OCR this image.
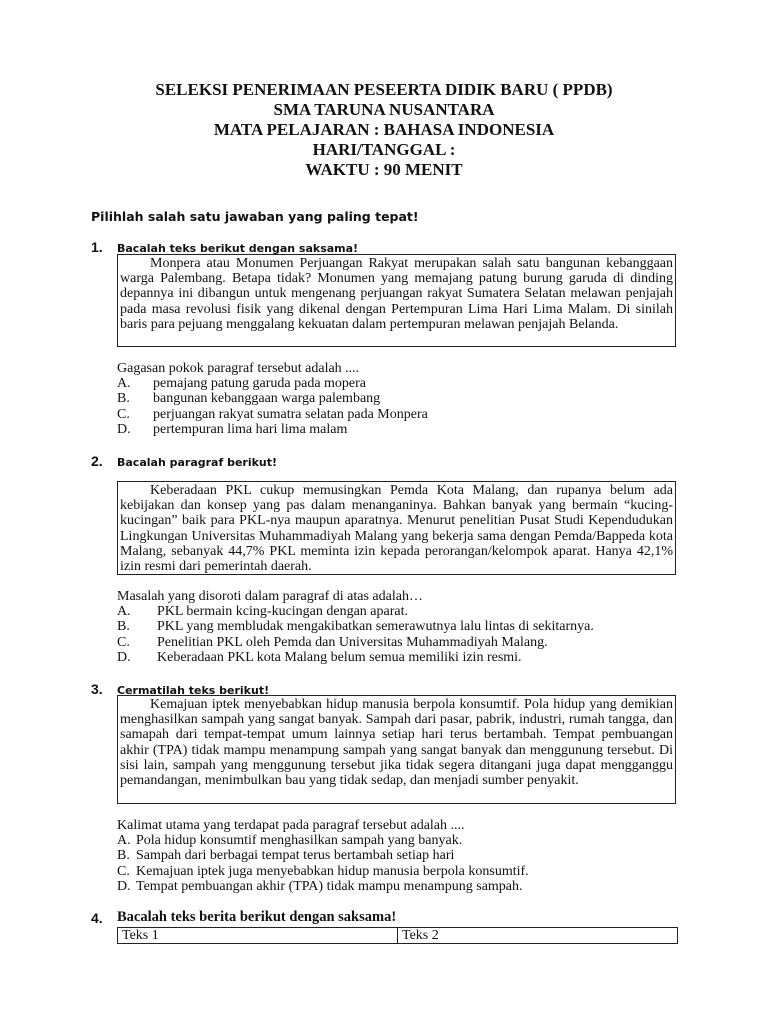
SELEKSI PENERIMAAN PESEERTA DIDIK BARU ( PPDB)
SMA TARUNA NUSANTARA
MATA PELAJARAN : BAHASA INDONESIA
HARI/TANGGAL :
WAKTU : 90 MENIT
Pilihlah salah satu jawaban yang paling tepat!
1. Bacalah teks berikut dengan saksama!

Monpera atau Monumen Perjuangan Rakyat merupakan salah satu bangunan kebanggaan warga Palembang. Betapa tidak? Monumen yang memajang patung burung garuda di dinding depannya ini dibangun untuk mengenang perjuangan rakyat Sumatera Selatan melawan penjajah pada masa revolusi fisik yang dikenal dengan Pertempuran Lima Hari Lima Malam. Di sinilah baris para pejuang menggalang kekuatan dalam pertempuran melawan penjajah Belanda.

Gagasan pokok paragraf tersebut adalah ....
A. pemajang patung garuda pada mopera
B. bangunan kebanggaan warga palembang
C. perjuangan rakyat sumatra selatan pada Monpera
D. pertempuran lima hari lima malam
2. Bacalah paragraf berikut!

Keberadaan PKL cukup memusingkan Pemda Kota Malang, dan rupanya belum ada kebijakan dan konsep yang pas dalam menanganinya. Bahkan banyak yang bermain “kucing-kucingan” baik para PKL-nya maupun aparatnya. Menurut penelitian Pusat Studi Kependudukan Lingkungan Universitas Muhammadiyah Malang yang bekerja sama dengan Pemda/Bappeda kota Malang, sebanyak 44,7% PKL meminta izin kepada perorangan/kelompok aparat. Hanya 42,1% izin resmi dari pemerintah daerah.

Masalah yang disoroti dalam paragraf di atas adalah…
A. PKL bermain kcing-kucingan dengan aparat.
B. PKL yang membludak mengakibatkan semerawutnya lalu lintas di sekitarnya.
C. Penelitian PKL oleh Pemda dan Universitas Muhammadiyah Malang.
D. Keberadaan PKL kota Malang belum semua memiliki izin resmi.
3. Cermatilah teks berikut!

Kemajuan iptek menyebabkan hidup manusia berpola konsumtif. Pola hidup yang demikian menghasilkan sampah yang sangat banyak. Sampah dari pasar, pabrik, industri, rumah tangga, dan samapah dari tempat-tempat umum lainnya setiap hari terus bertambah. Tempat pembuangan akhir (TPA) tidak mampu menampung sampah yang sangat banyak dan menggunung tersebut. Di sisi lain, sampah yang menggunung tersebut jika tidak segera ditangani juga dapat mengganggu pemandangan, menimbulkan bau yang tidak sedap, dan menjadi sumber penyakit.

Kalimat utama yang terdapat pada paragraf tersebut adalah ....
A. Pola hidup konsumtif menghasilkan sampah yang banyak.
B. Sampah dari berbagai tempat terus bertambah setiap hari
C. Kemajuan iptek juga menyebabkan hidup manusia berpola konsumtif.
D. Tempat pembuangan akhir (TPA) tidak mampu menampung sampah.
4. Bacalah teks berita berikut dengan saksama!
Teks 1	Teks 2
